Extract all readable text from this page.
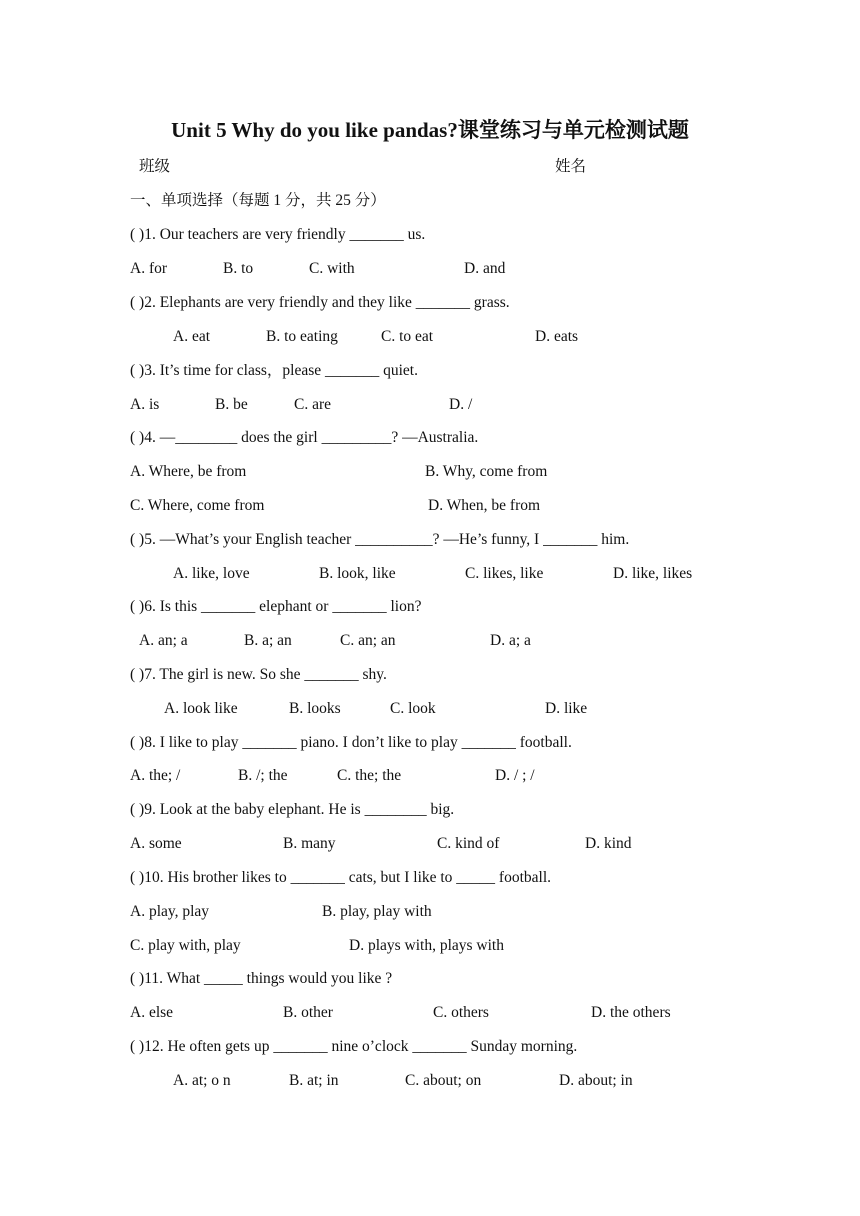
Unit 5 Why do you like pandas?课堂练习与单元检测试题
班级	姓名
一、单项选择（每题 1 分，共 25 分）
( )1. Our teachers are very friendly _______ us.
A. for	B. to	C. with	D. and
( )2. Elephants are very friendly and they like _______ grass.
A. eat	B. to eating	C. to eat	D. eats
( )3. It’s time for class，please _______ quiet.
A. is	B. be	C. are	D. /
( )4. —________ does the girl _________? —Australia.
A. Where, be from	B. Why, come from
C. Where, come from	D. When, be from
( )5. —What’s your English teacher __________? —He’s funny, I _______ him.
A. like, love	B. look, like	C. likes, like	D. like, likes
( )6. Is this _______ elephant or _______ lion?
A. an; a	B. a; an	C. an; an	D. a; a
( )7. The girl is new. So she _______ shy.
A. look like	B. looks	C. look	D. like
( )8. I like to play _______ piano. I don’t like to play _______ football.
A. the; /	B. /; the	C. the; the	D. / ; /
( )9. Look at the baby elephant. He is ________ big.
A. some	B. many	C. kind of	D. kind
( )10. His brother likes to _______ cats, but I like to _____ football.
A. play, play	B. play, play with
C. play with, play	D. plays with, plays with
( )11. What _____ things would you like ?
A. else	B. other	C. others	D. the others
( )12. He often gets up _______ nine o’clock _______ Sunday morning.
A. at; o n	B. at; in	C. about; on	D. about; in
